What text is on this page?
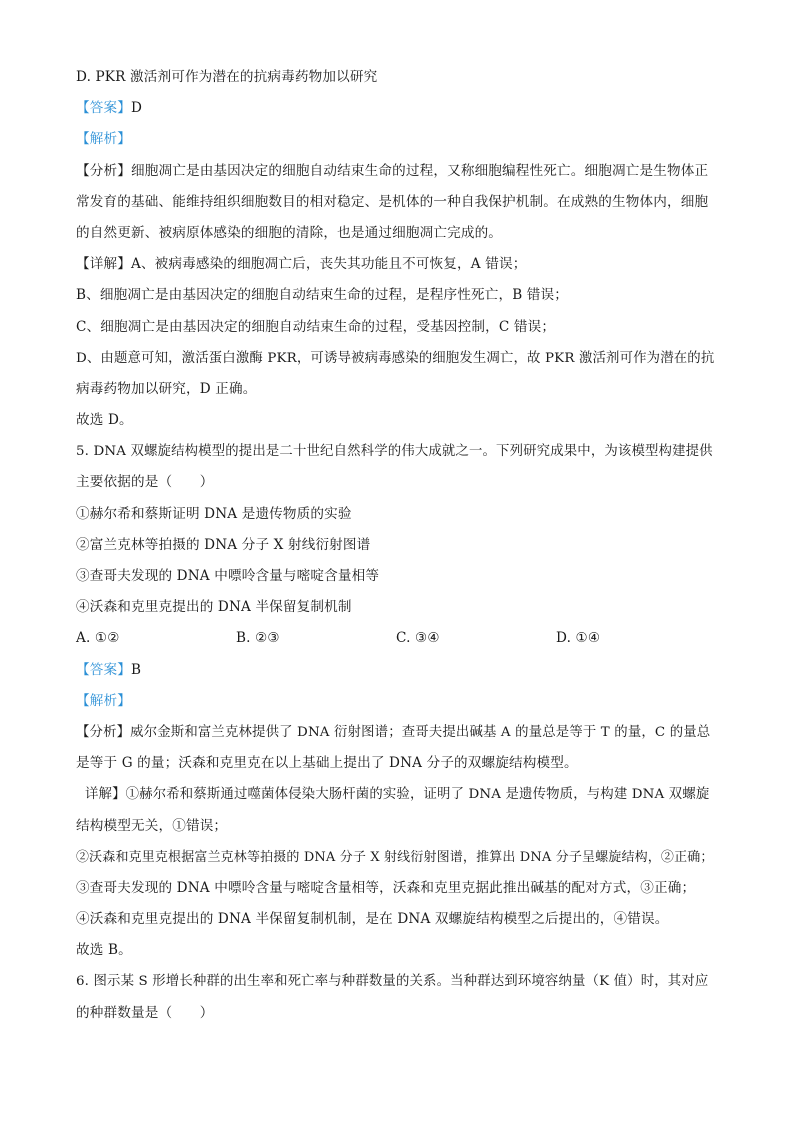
D. PKR 激活剂可作为潜在的抗病毒药物加以研究
【答案】D
【解析】
【分析】细胞凋亡是由基因决定的细胞自动结束生命的过程，又称细胞编程性死亡。细胞凋亡是生物体正
常发育的基础、能维持组织细胞数目的相对稳定、是机体的一种自我保护机制。在成熟的生物体内，细胞
的自然更新、被病原体感染的细胞的清除，也是通过细胞凋亡完成的。
【详解】A、被病毒感染的细胞凋亡后，丧失其功能且不可恢复，A 错误；
B、细胞凋亡是由基因决定的细胞自动结束生命的过程，是程序性死亡，B 错误；
C、细胞凋亡是由基因决定的细胞自动结束生命的过程，受基因控制，C 错误；
D、由题意可知，激活蛋白激酶 PKR，可诱导被病毒感染的细胞发生凋亡，故 PKR 激活剂可作为潜在的抗
病毒药物加以研究，D 正确。
故选 D。
5. DNA 双螺旋结构模型的提出是二十世纪自然科学的伟大成就之一。下列研究成果中，为该模型构建提供
主要依据的是（　　）
①赫尔希和蔡斯证明 DNA 是遗传物质的实验
②富兰克林等拍摄的 DNA 分子 X 射线衍射图谱
③查哥夫发现的 DNA 中嘌呤含量与嘧啶含量相等
④沃森和克里克提出的 DNA 半保留复制机制
A. ①②	B. ②③	C. ③④	D. ①④
【答案】B
【解析】
【分析】威尔金斯和富兰克林提供了 DNA 衍射图谱；查哥夫提出碱基 A 的量总是等于 T 的量，C 的量总
是等于 G 的量；沃森和克里克在以上基础上提出了 DNA 分子的双螺旋结构模型。
详解】①赫尔希和蔡斯通过噬菌体侵染大肠杆菌的实验，证明了 DNA 是遗传物质，与构建 DNA 双螺旋
结构模型无关，①错误；
②沃森和克里克根据富兰克林等拍摄的 DNA 分子 X 射线衍射图谱，推算出 DNA 分子呈螺旋结构，②正确；
③查哥夫发现的 DNA 中嘌呤含量与嘧啶含量相等，沃森和克里克据此推出碱基的配对方式，③正确；
④沃森和克里克提出的 DNA 半保留复制机制，是在 DNA 双螺旋结构模型之后提出的，④错误。
故选 B。
6. 图示某 S 形增长种群的出生率和死亡率与种群数量的关系。当种群达到环境容纳量（K 值）时，其对应
的种群数量是（　　）
